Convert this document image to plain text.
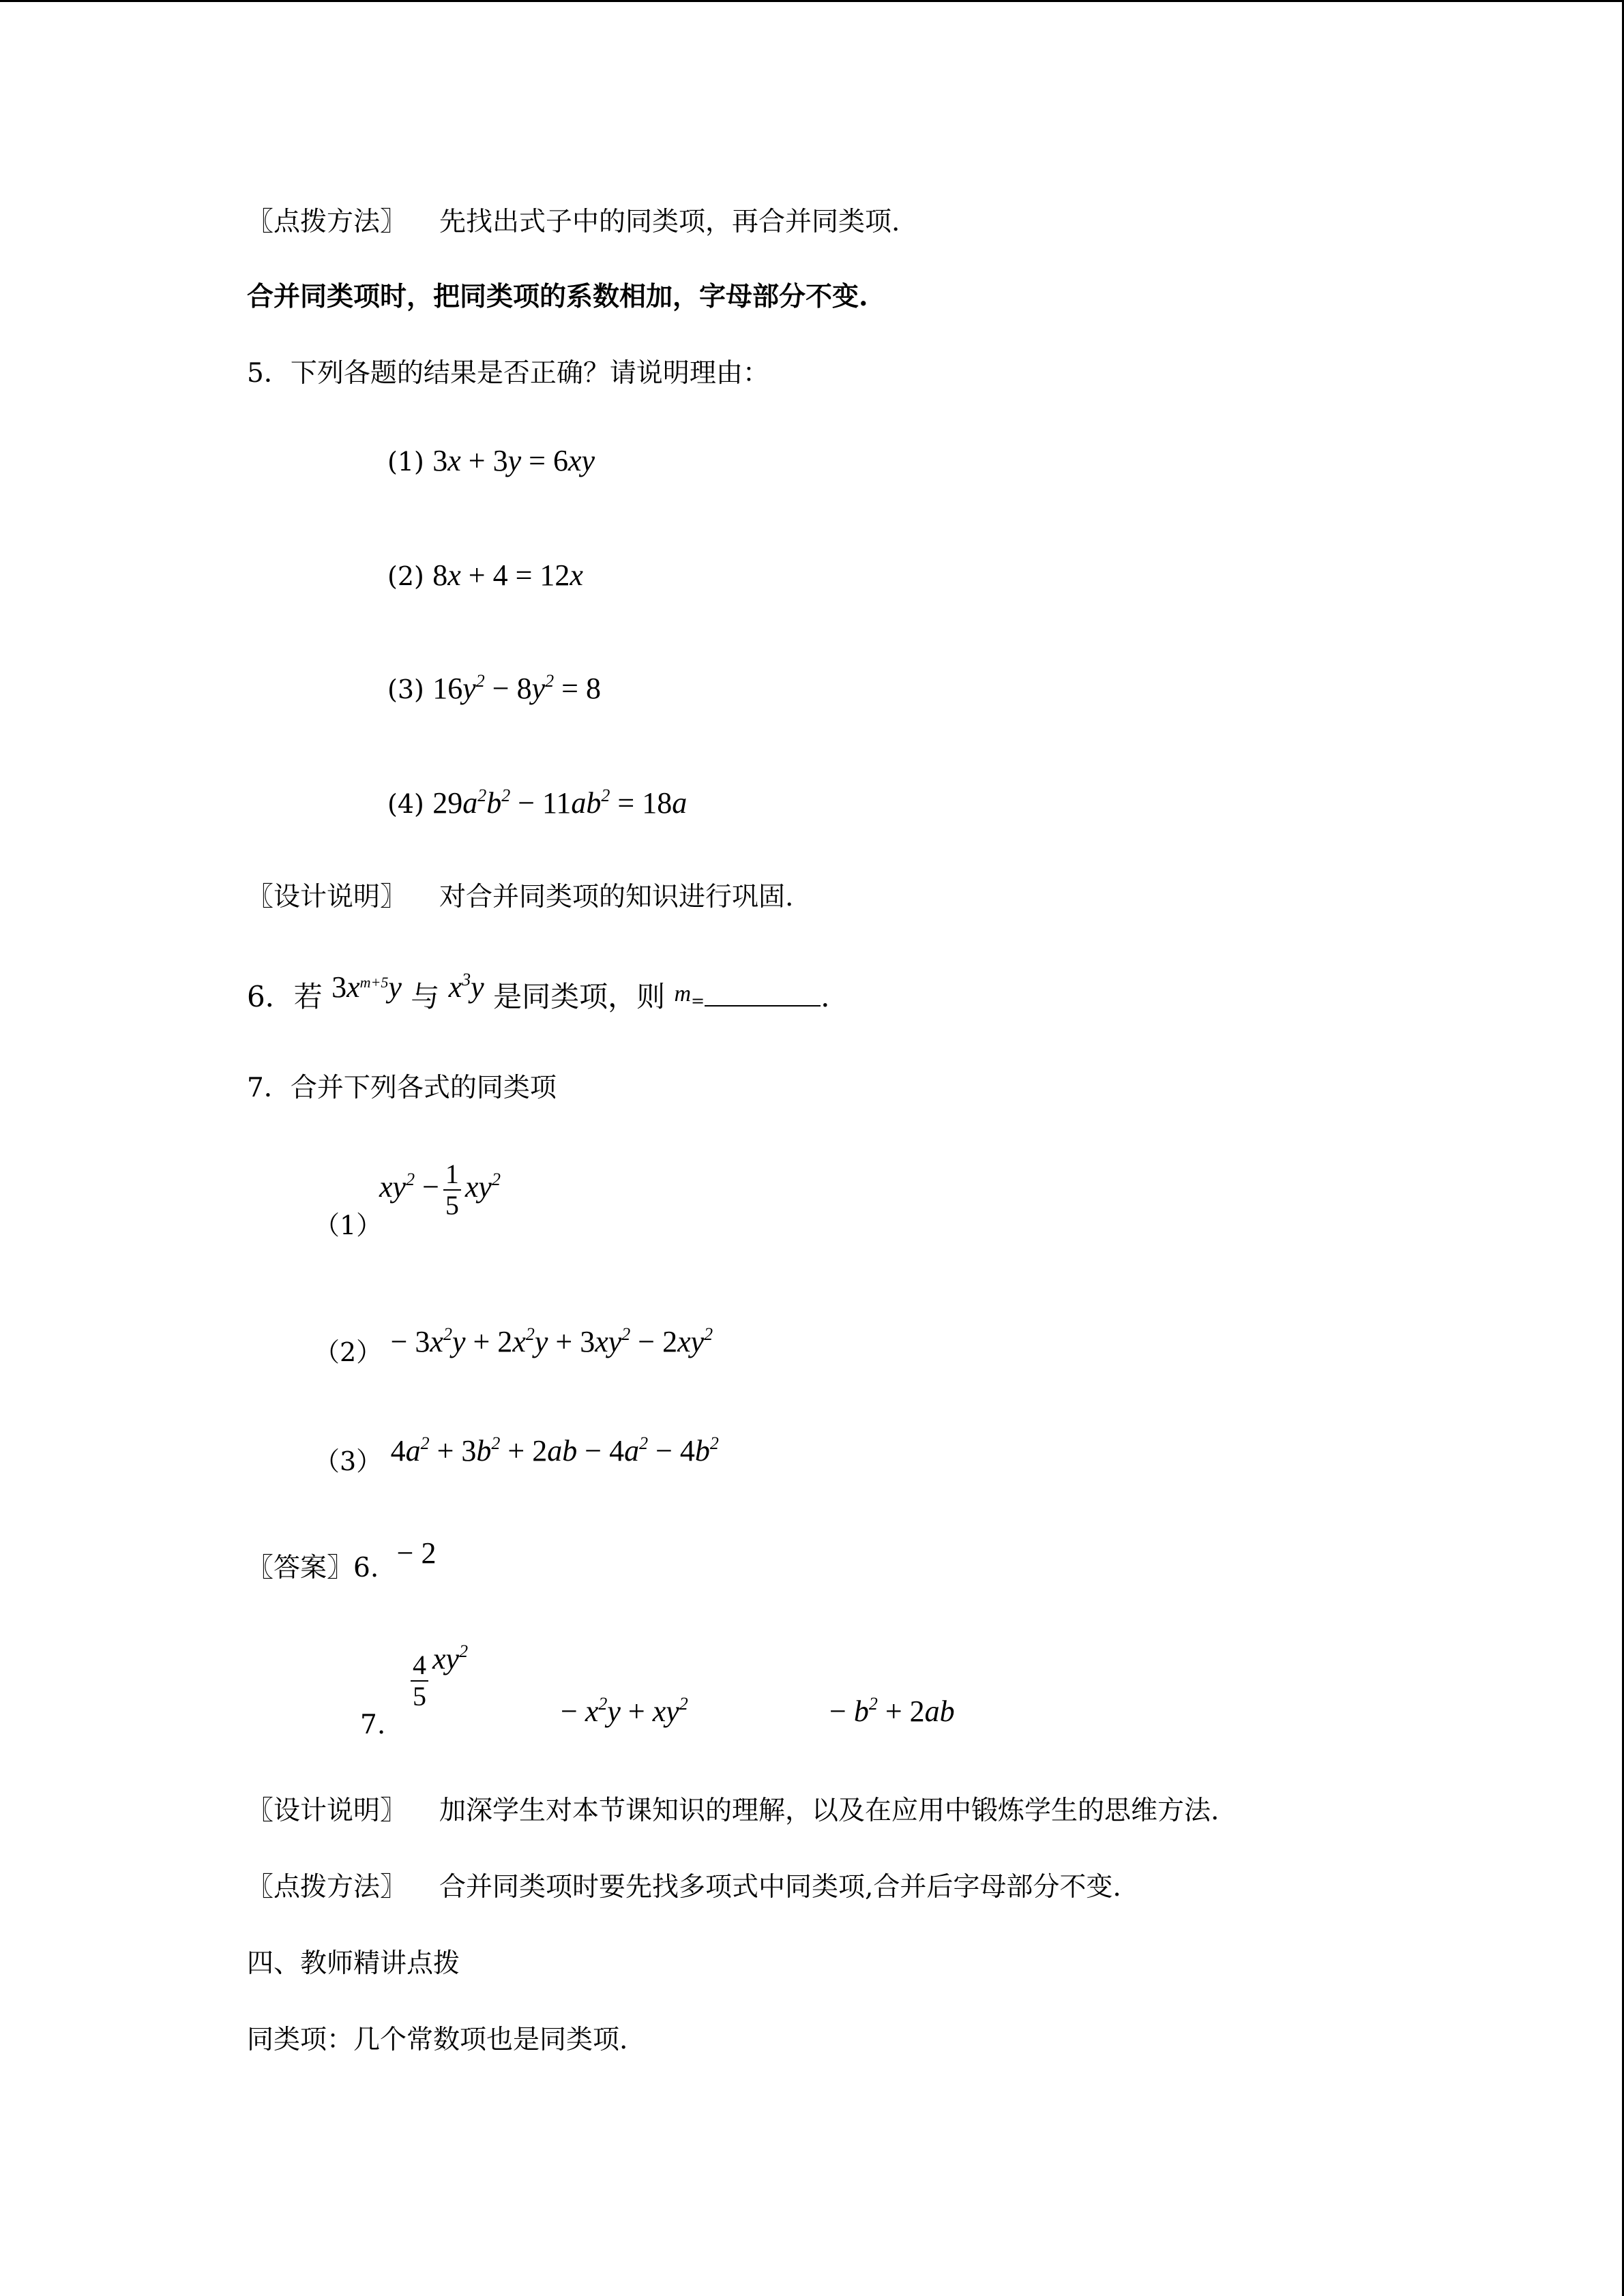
〖点拨方法〗 先找出式子中的同类项，再合并同类项.
合并同类项时，把同类项的系数相加，字母部分不变.
5．下列各题的结果是否正确？请说明理由：
(1) 3x + 3y = 6xy
(2) 8x + 4 = 12x
(3) $16y^2 - 8y^2 = 8$
(4) $29a^2b^2 - 11ab^2 = 18a$
〖设计说明〗 对合并同类项的知识进行巩固.
6．若 $3x^{m+5}y$ 与 $x^3y$ 是同类项，则 m=	.
7．合并下列各式的同类项
（1）
$xy^2 - \frac{1}{5} xy^2$
$(2) - 3x^2y + 2x^2y + 3xy^2 - 2xy^2$
（3） $4a^2 + 3b^2 + 2ab - 4a^2 - 4b^2$
〖答案〗6. − 2
7.
$\frac{4}{5} xy^2$
− $x^2y + xy^2$	− $b^2 + 2ab$
〖设计说明〗 加深学生对本节课知识的理解，以及在应用中锻炼学生的思维方法.
〖点拨方法〗 合并同类项时要先找多项式中同类项,合并后字母部分不变.
四、教师精讲点拨
同类项：几个常数项也是同类项.
